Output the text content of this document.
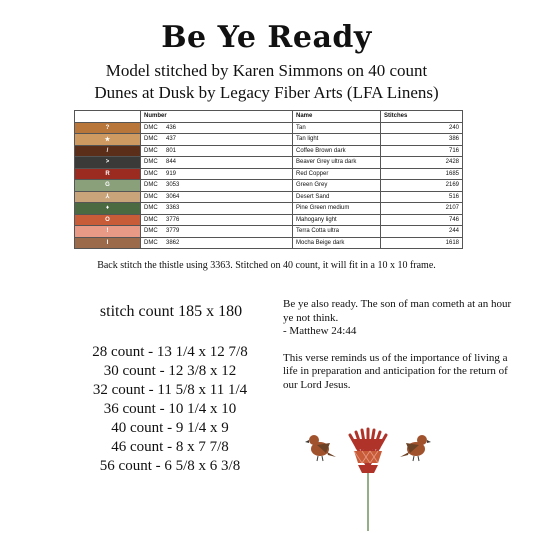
Be Ye Ready
Model stitched by Karen Simmons on 40 count
Dunes at Dusk by Legacy Fiber Arts (LFA Linens)
	Number	Name	Stitches
?	DMC 436	Tan	240
★	DMC 437	Tan light	386
/	DMC 801	Coffee Brown dark	716
>	DMC 844	Beaver Grey ultra dark	2428
R	DMC 919	Red Copper	1685
G	DMC 3053	Green Grey	2169
⅄	DMC 3064	Desert Sand	516
♦	DMC 3363	Pine Green medium	2107
O	DMC 3776	Mahogany light	746
!	DMC 3779	Terra Cotta ultra	244
I	DMC 3862	Mocha Beige dark	1618
Back stitch the thistle using 3363. Stitched on 40 count, it will fit in a 10 x 10 frame.
stitch count 185 x 180
28 count - 13 1/4 x 12 7/8
30 count - 12 3/8 x 12
32 count - 11 5/8 x 11 1/4
36 count - 10 1/4 x 10
40 count - 9 1/4 x 9
46 count - 8 x 7 7/8
56 count - 6 5/8 x 6 3/8

Be ye also ready. The son of man cometh at an hour ye not think.
- Matthew 24:44

This verse reminds us of the importance of living a life in preparation and anticipation for the return of our Lord Jesus.
